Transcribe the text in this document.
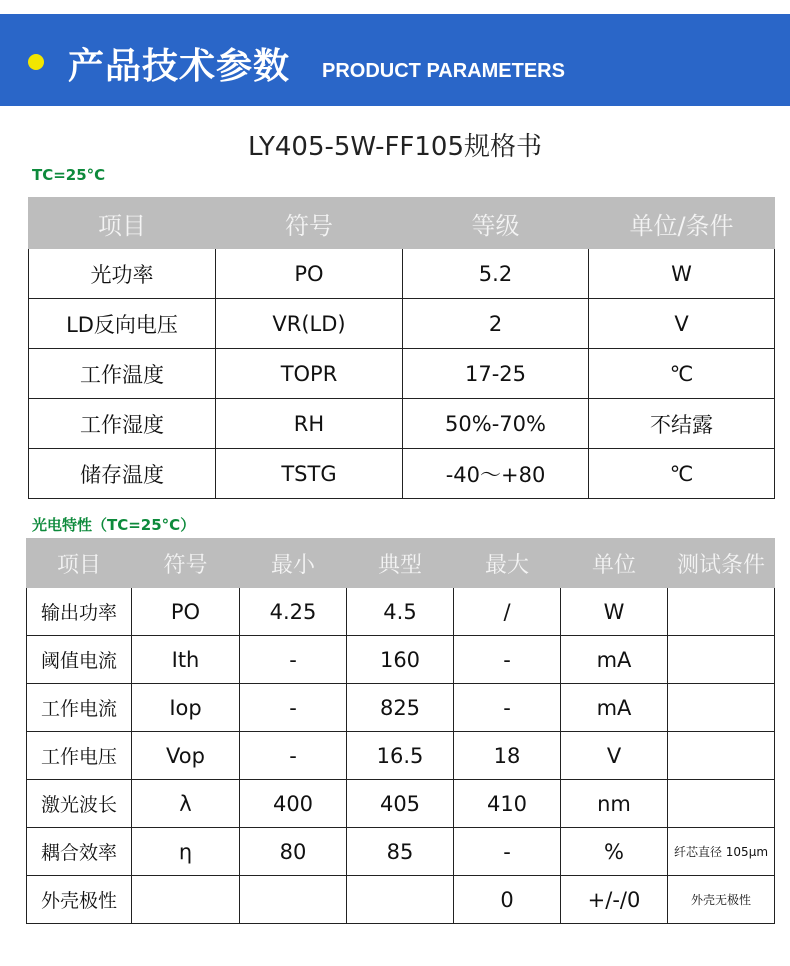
产品技术参数 PRODUCT PARAMETERS
LY405-5W-FF105规格书
TC=25°C
项目	符号	等级	单位/条件
光功率	PO	5.2	W
LD反向电压	VR(LD)	2	V
工作温度	TOPR	17-25	℃
工作湿度	RH	50%-70%	不结露
储存温度	TSTG	-40～+80	℃
光电特性（TC=25°C）
项目	符号	最小	典型	最大	单位	测试条件
输出功率	PO	4.25	4.5	/	W	
阈值电流	Ith	-	160	-	mA	
工作电流	Iop	-	825	-	mA	
工作电压	Vop	-	16.5	18	V	
激光波长	λ	400	405	410	nm	
耦合效率	η	80	85	-	%	纤芯直径 105μm
外壳极性				0	+/-/0	外壳无极性
